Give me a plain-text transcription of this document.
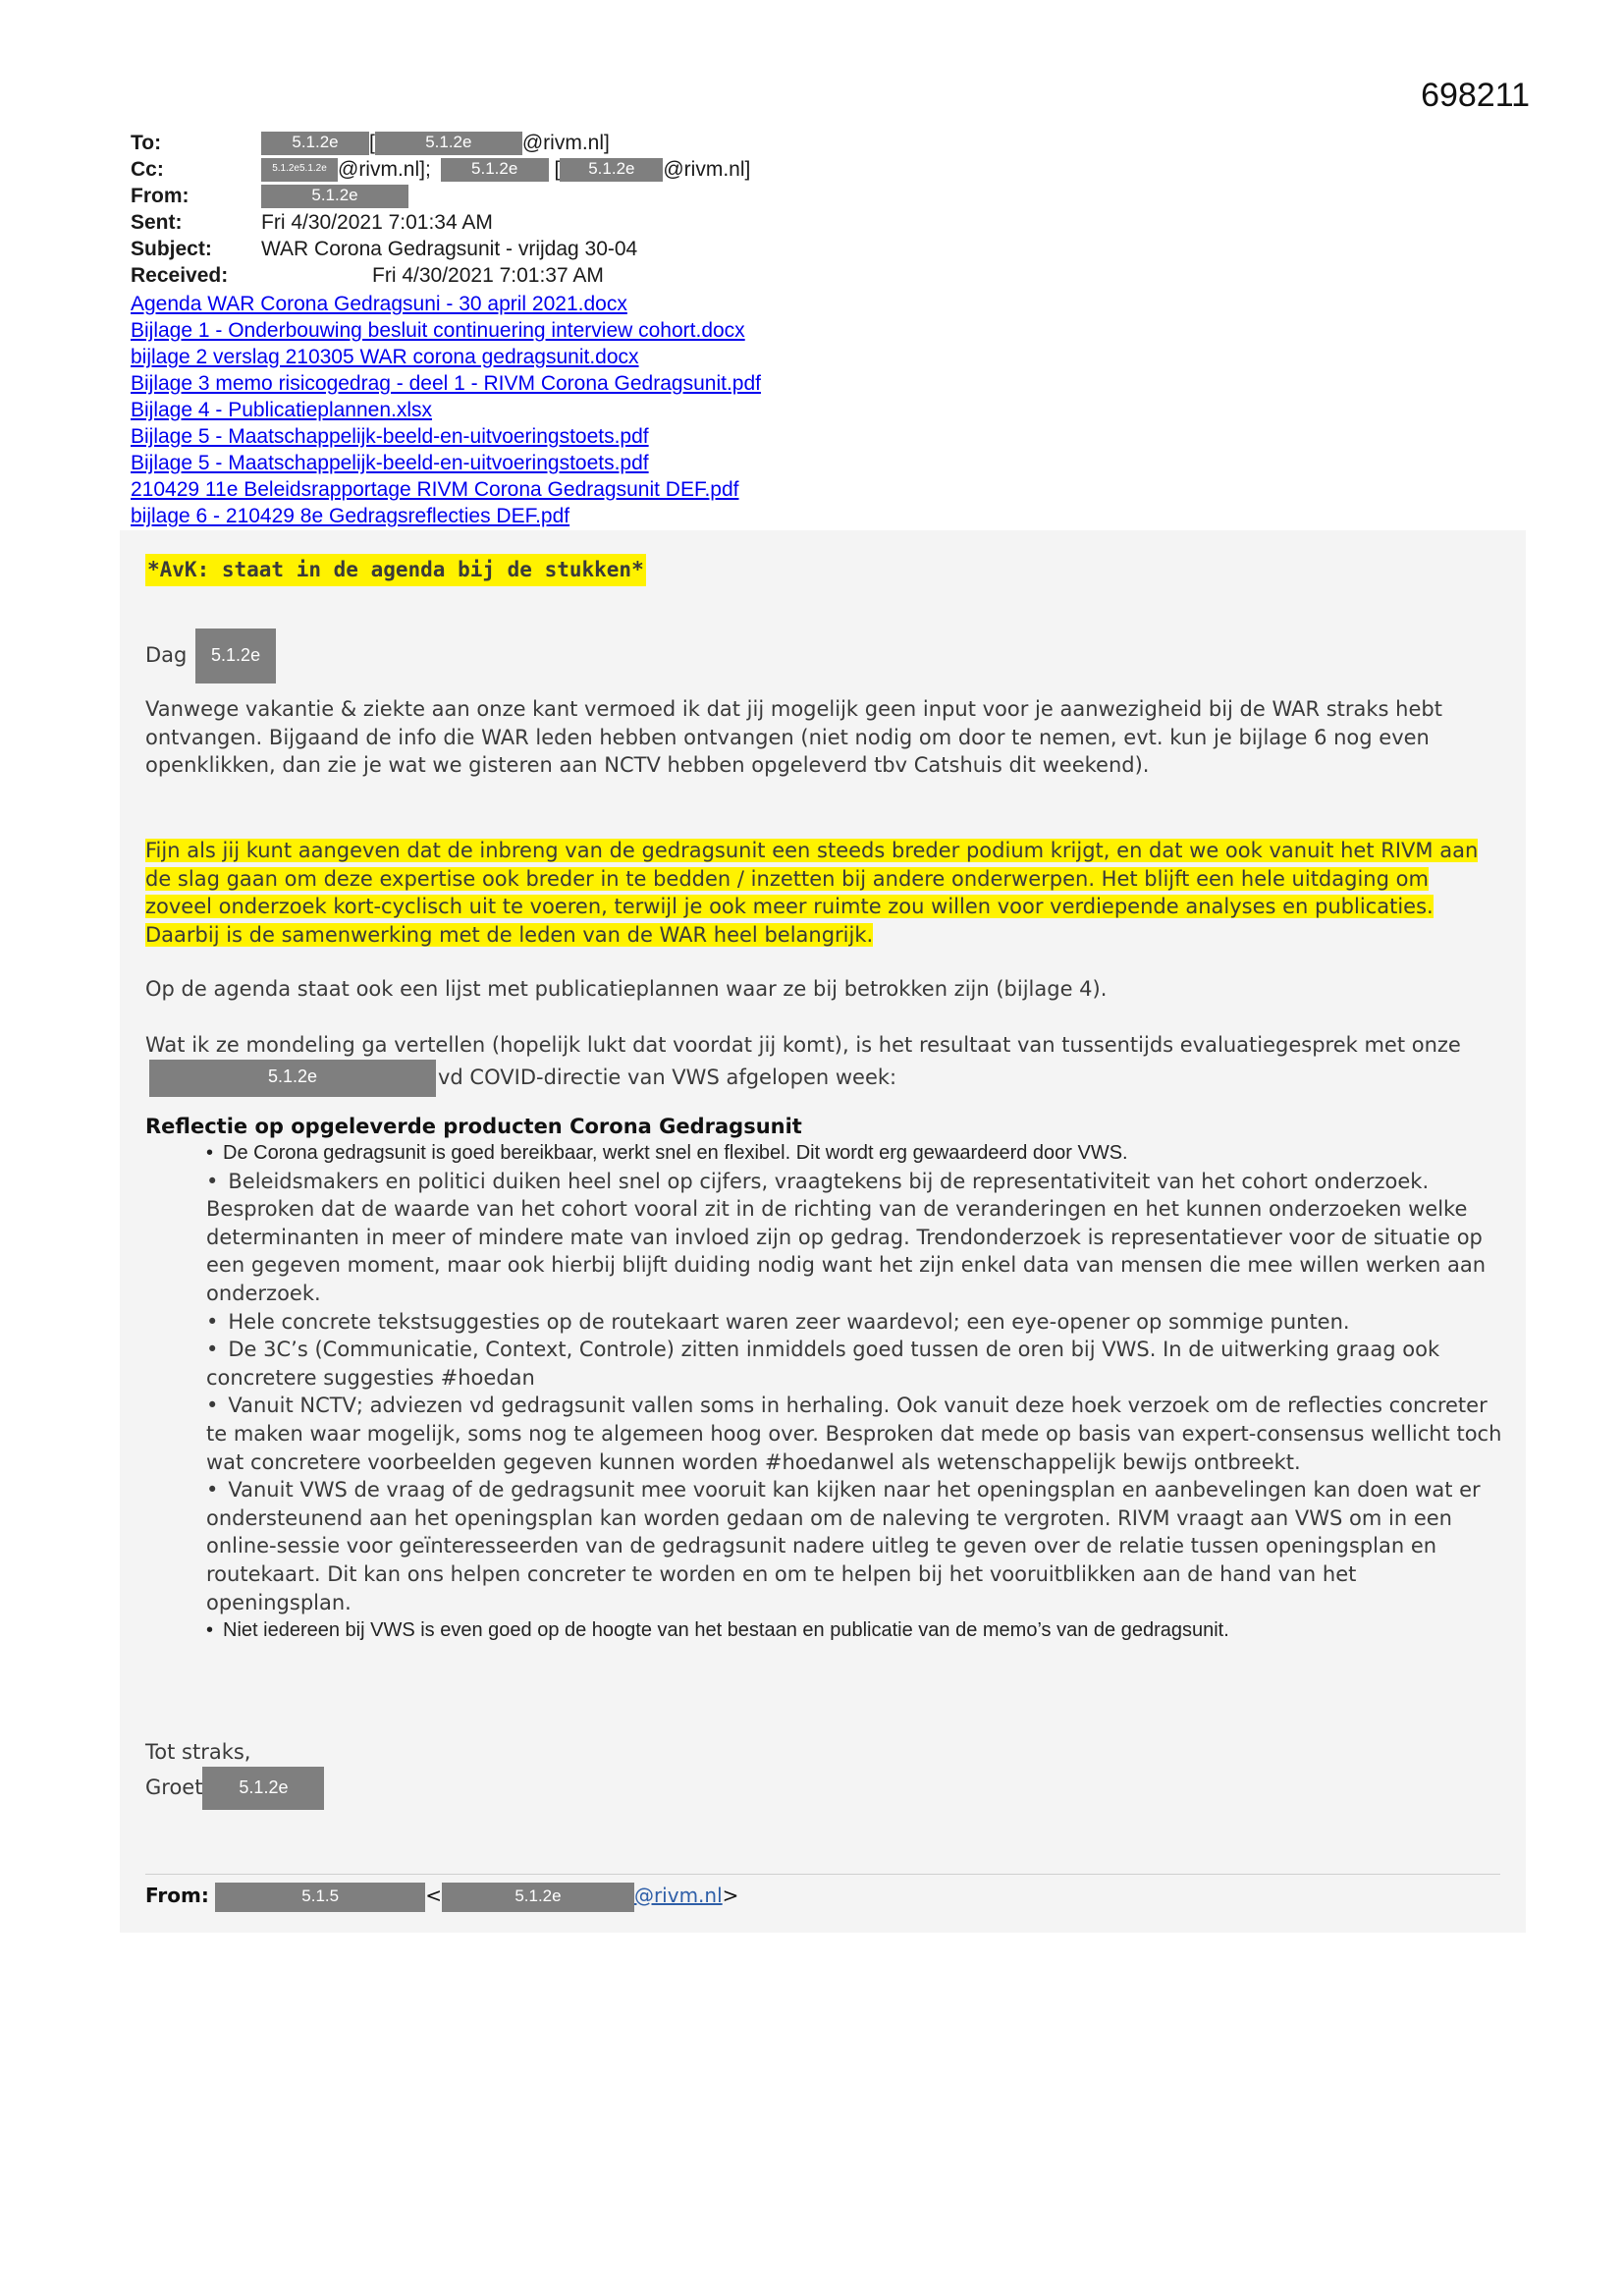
698211
To:	5.1.2e [	5.1.2e @rivm.nl]
Cc:	5.1.2e5.1.2e @rivm.nl]; 5.1.2e [ 5.1.2e @rivm.nl]
From:	5.1.2e
Sent:	Fri 4/30/2021 7:01:34 AM
Subject:	WAR Corona Gedragsunit - vrijdag 30-04
Received:	Fri 4/30/2021 7:01:37 AM
Agenda WAR Corona Gedragsuni - 30 april 2021.docx
Bijlage 1 - Onderbouwing besluit continuering interview cohort.docx
bijlage 2 verslag 210305 WAR corona gedragsunit.docx
Bijlage 3 memo risicogedrag - deel 1 - RIVM Corona Gedragsunit.pdf
Bijlage 4 - Publicatieplannen.xlsx
Bijlage 5 - Maatschappelijk-beeld-en-uitvoeringstoets.pdf
Bijlage 5 - Maatschappelijk-beeld-en-uitvoeringstoets.pdf
210429 11e Beleidsrapportage RIVM Corona Gedragsunit DEF.pdf
bijlage 6 - 210429 8e Gedragsreflecties DEF.pdf
*AvK: staat in de agenda bij de stukken*
Dag 5.1.2e
Vanwege vakantie & ziekte aan onze kant vermoed ik dat jij mogelijk geen input voor je aanwezigheid bij de WAR straks hebt ontvangen. Bijgaand de info die WAR leden hebben ontvangen (niet nodig om door te nemen, evt. kun je bijlage 6 nog even openklikken, dan zie je wat we gisteren aan NCTV hebben opgeleverd tbv Catshuis dit weekend).
Fijn als jij kunt aangeven dat de inbreng van de gedragsunit een steeds breder podium krijgt, en dat we ook vanuit het RIVM aan de slag gaan om deze expertise ook breder in te bedden / inzetten bij andere onderwerpen. Het blijft een hele uitdaging om zoveel onderzoek kort-cyclisch uit te voeren, terwijl je ook meer ruimte zou willen voor verdiepende analyses en publicaties. Daarbij is de samenwerking met de leden van de WAR heel belangrijk.
Op de agenda staat ook een lijst met publicatieplannen waar ze bij betrokken zijn (bijlage 4).
Wat ik ze mondeling ga vertellen (hopelijk lukt dat voordat jij komt), is het resultaat van tussentijds evaluatiegesprek met onze5.1.2e	vd COVID-directie van VWS afgelopen week:
Reflectie op opgeleverde producten Corona Gedragsunit

• De Corona gedragsunit is goed bereikbaar, werkt snel en flexibel. Dit wordt erg gewaardeerd door VWS.

• Beleidsmakers en politici duiken heel snel op cijfers, vraagtekens bij de representativiteit van het cohort onderzoek. Besproken dat de waarde van het cohort vooral zit in de richting van de veranderingen en het kunnen onderzoeken welke determinanten in meer of mindere mate van invloed zijn op gedrag. Trendonderzoek is representatiever voor de situatie op een gegeven moment, maar ook hierbij blijft duiding nodig want het zijn enkel data van mensen die mee willen werken aan onderzoek.

• Hele concrete tekstsuggesties op de routekaart waren zeer waardevol; een eye-opener op sommige punten.

• De 3C’s (Communicatie, Context, Controle) zitten inmiddels goed tussen de oren bij VWS. In de uitwerking graag ook concretere suggesties #hoedan

• Vanuit NCTV; adviezen vd gedragsunit vallen soms in herhaling. Ook vanuit deze hoek verzoek om de reflecties concreter te maken waar mogelijk, soms nog te algemeen hoog over. Besproken dat mede op basis van expert-consensus wellicht toch wat concretere voorbeelden gegeven kunnen worden #hoedanwel als wetenschappelijk bewijs ontbreekt.

• Vanuit VWS de vraag of de gedragsunit mee vooruit kan kijken naar het openingsplan en aanbevelingen kan doen wat er ondersteunend aan het openingsplan kan worden gedaan om de naleving te vergroten. RIVM vraagt aan VWS om in een online-sessie voor geïnteresseerden van de gedragsunit nadere uitleg te geven over de relatie tussen openingsplan en routekaart. Dit kan ons helpen concreter te worden en om te helpen bij het vooruitblikken aan de hand van het openingsplan.

• Niet iedereen bij VWS is even goed op de hoogte van het bestaan en publicatie van de memo’s van de gedragsunit.

Tot straks,
Groet 5.1.2e
From:	5.1.5	<	5.1.2e	@rivm.nl>
